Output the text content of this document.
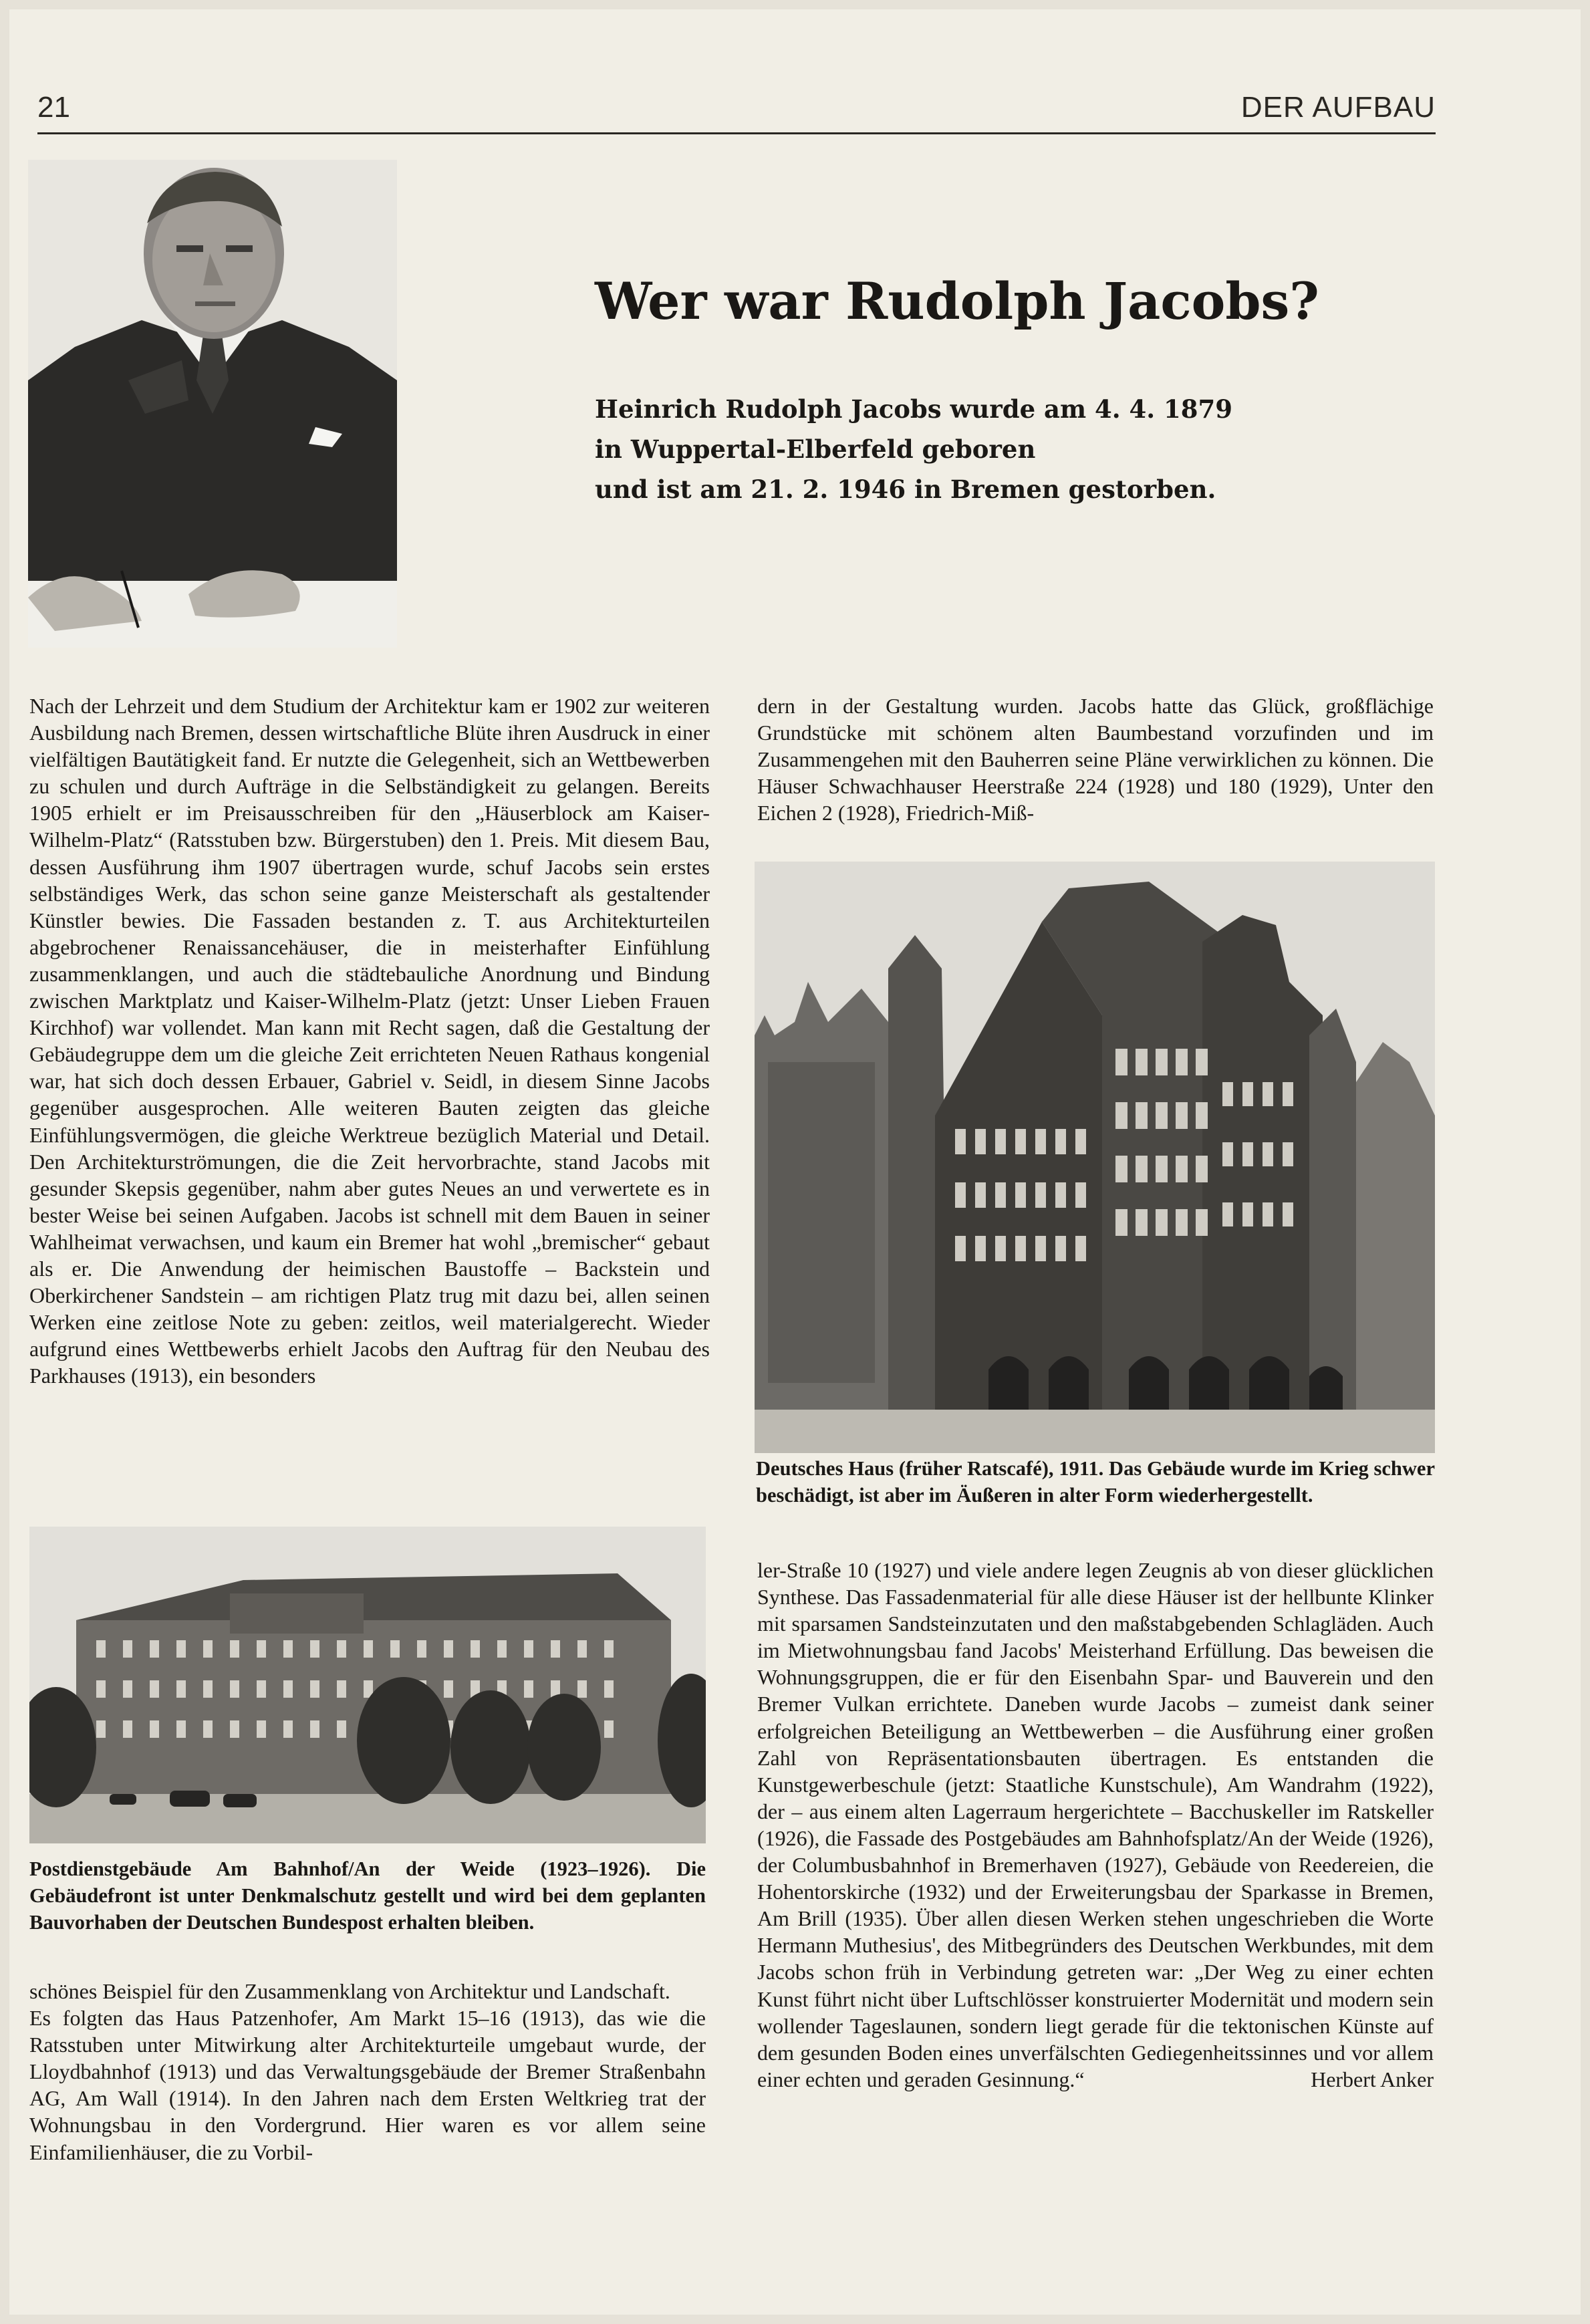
21	DER AUFBAU
Wer war Rudolph Jacobs?
Heinrich Rudolph Jacobs wurde am 4. 4. 1879
in Wuppertal-Elberfeld geboren
und ist am 21. 2. 1946 in Bremen gestorben.

Nach der Lehrzeit und dem Studium der Architektur kam er 1902 zur weiteren Ausbildung nach Bremen, dessen wirtschaftliche Blüte ihren Ausdruck in einer vielfältigen Bautätigkeit fand. Er nutzte die Gelegenheit, sich an Wettbewerben zu schulen und durch Aufträge in die Selbständigkeit zu gelangen. Bereits 1905 erhielt er im Preisausschreiben für den „Häuserblock am Kaiser-Wilhelm-Platz“ (Ratsstuben bzw. Bürgerstuben) den 1. Preis. Mit diesem Bau, dessen Ausführung ihm 1907 übertragen wurde, schuf Jacobs sein erstes selbständiges Werk, das schon seine ganze Meisterschaft als gestaltender Künstler bewies. Die Fassaden bestanden z. T. aus Architekturteilen abgebrochener Renaissancehäuser, die in meisterhafter Einfühlung zusammenklangen, und auch die städtebauliche Anordnung und Bindung zwischen Marktplatz und Kaiser-Wilhelm-Platz (jetzt: Unser Lieben Frauen Kirchhof) war vollendet. Man kann mit Recht sagen, daß die Gestaltung der Gebäudegruppe dem um die gleiche Zeit errichteten Neuen Rathaus kongenial war, hat sich doch dessen Erbauer, Gabriel v. Seidl, in diesem Sinne Jacobs gegenüber ausgesprochen. Alle weiteren Bauten zeigten das gleiche Einfühlungsvermögen, die gleiche Werktreue bezüglich Material und Detail. Den Architekturströmungen, die die Zeit hervorbrachte, stand Jacobs mit gesunder Skepsis gegenüber, nahm aber gutes Neues an und verwertete es in bester Weise bei seinen Aufgaben. Jacobs ist schnell mit dem Bauen in seiner Wahlheimat verwachsen, und kaum ein Bremer hat wohl „bremischer“ gebaut als er. Die Anwendung der heimischen Baustoffe – Backstein und Oberkirchener Sandstein – am richtigen Platz trug mit dazu bei, allen seinen Werken eine zeitlose Note zu geben: zeitlos, weil materialgerecht. Wieder aufgrund eines Wettbewerbs erhielt Jacobs den Auftrag für den Neubau des Parkhauses (1913), ein besonders

dern in der Gestaltung wurden. Jacobs hatte das Glück, großflächige Grundstücke mit schönem alten Baumbestand vorzufinden und im Zusammengehen mit den Bauherren seine Pläne verwirklichen zu können. Die Häuser Schwachhauser Heerstraße 224 (1928) und 180 (1929), Unter den Eichen 2 (1928), Friedrich-Miß-

Deutsches Haus (früher Ratscafé), 1911. Das Gebäude wurde im Krieg schwer beschädigt, ist aber im Äußeren in alter Form wiederhergestellt.
Postdienstgebäude Am Bahnhof/An der Weide (1923–1926). Die Gebäudefront ist unter Denkmalschutz gestellt und wird bei dem geplanten Bauvorhaben der Deutschen Bundespost erhalten bleiben.

schönes Beispiel für den Zusammenklang von Architektur und Landschaft.

Es folgten das Haus Patzenhofer, Am Markt 15–16 (1913), das wie die Ratsstuben unter Mitwirkung alter Architekturteile umgebaut wurde, der Lloydbahnhof (1913) und das Verwaltungsgebäude der Bremer Straßenbahn AG, Am Wall (1914). In den Jahren nach dem Ersten Weltkrieg trat der Wohnungsbau in den Vordergrund. Hier waren es vor allem seine Einfamilienhäuser, die zu Vorbil-

ler-Straße 10 (1927) und viele andere legen Zeugnis ab von dieser glücklichen Synthese. Das Fassadenmaterial für alle diese Häuser ist der hellbunte Klinker mit sparsamen Sandsteinzutaten und den maßstabgebenden Schlagläden. Auch im Mietwohnungsbau fand Jacobs' Meisterhand Erfüllung. Das beweisen die Wohnungsgruppen, die er für den Eisenbahn Spar- und Bauverein und den Bremer Vulkan errichtete. Daneben wurde Jacobs – zumeist dank seiner erfolgreichen Beteiligung an Wettbewerben – die Ausführung einer großen Zahl von Repräsentationsbauten übertragen. Es entstanden die Kunstgewerbeschule (jetzt: Staatliche Kunstschule), Am Wandrahm (1922), der – aus einem alten Lagerraum hergerichtete – Bacchuskeller im Ratskeller (1926), die Fassade des Postgebäudes am Bahnhofsplatz/An der Weide (1926), der Columbusbahnhof in Bremerhaven (1927), Gebäude von Reedereien, die Hohentorskirche (1932) und der Erweiterungsbau der Sparkasse in Bremen, Am Brill (1935). Über allen diesen Werken stehen ungeschrieben die Worte Hermann Muthesius', des Mitbegründers des Deutschen Werkbundes, mit dem Jacobs schon früh in Verbindung getreten war: „Der Weg zu einer echten Kunst führt nicht über Luftschlösser konstruierter Modernität und modern sein wollender Tageslaunen, sondern liegt gerade für die tektonischen Künste auf dem gesunden Boden eines unverfälschten Gediegenheitssinnes und vor allem einer echten und geraden Gesinnung.“	Herbert Anker
